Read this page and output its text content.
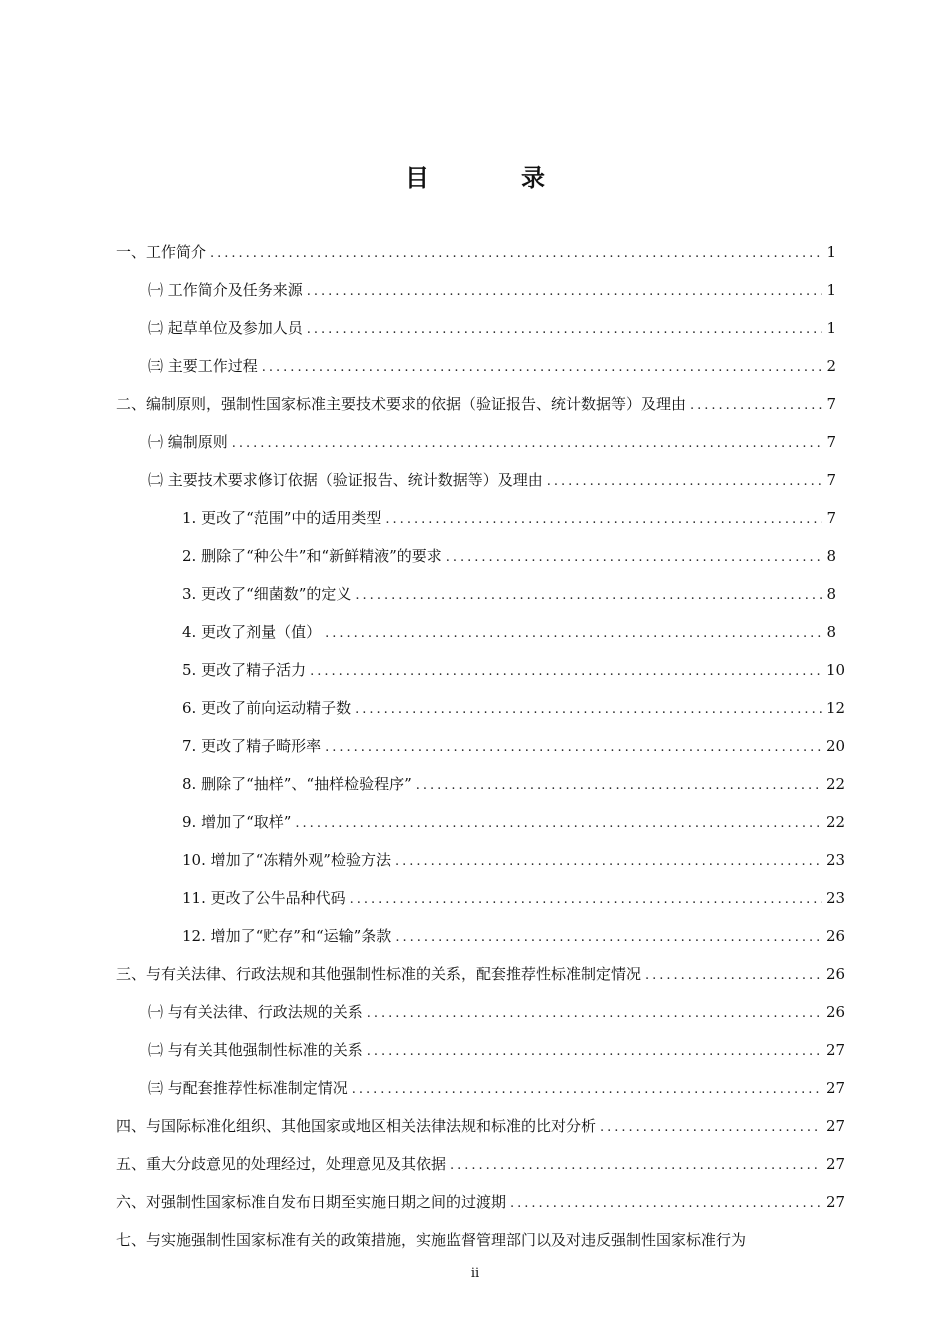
目　录
一、工作简介 .....	1
㈠ 工作简介及任务来源 .....	1
㈡ 起草单位及参加人员 .....	1
㈢ 主要工作过程 .....	2
二、编制原则，强制性国家标准主要技术要求的依据（验证报告、统计数据等）及理由 .....	7
㈠ 编制原则 .....	7
㈡ 主要技术要求修订依据（验证报告、统计数据等）及理由 .....	7
1. 更改了“范围”中的适用类型 .....	7
2. 删除了“种公牛”和“新鲜精液”的要求 .....	8
3. 更改了“细菌数”的定义 .....	8
4. 更改了剂量（值） .....	8
5. 更改了精子活力 .....	10
6. 更改了前向运动精子数 .....	12
7. 更改了精子畸形率 .....	20
8. 删除了“抽样”、“抽样检验程序” .....	22
9. 增加了“取样” .....	22
10. 增加了“冻精外观”检验方法 .....	23
11. 更改了公牛品种代码 .....	23
12. 增加了“贮存”和“运输”条款 .....	26
三、与有关法律、行政法规和其他强制性标准的关系，配套推荐性标准制定情况 .....	26
㈠ 与有关法律、行政法规的关系 .....	26
㈡ 与有关其他强制性标准的关系 .....	27
㈢ 与配套推荐性标准制定情况 .....	27
四、与国际标准化组织、其他国家或地区相关法律法规和标准的比对分析 .....	27
五、重大分歧意见的处理经过，处理意见及其依据 .....	27
六、对强制性国家标准自发布日期至实施日期之间的过渡期 .....	27
七、与实施强制性国家标准有关的政策措施，实施监督管理部门以及对违反强制性国家标准行为
ii
